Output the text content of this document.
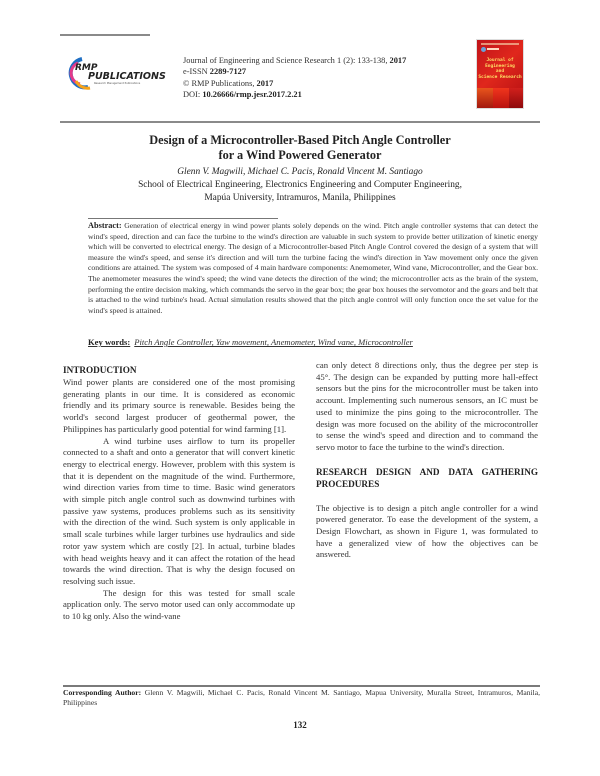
RMP
PUBLICATIONS
Research Management Publications
Journal of Engineering and Science Research 1 (2): 133-138, 2017
e-ISSN 2289-7127
© RMP Publications, 2017
DOI: 10.26666/rmp.jesr.2017.2.21
Journal of
Engineering
and
Science Research
Design of a Microcontroller-Based Pitch Angle Controller
for a Wind Powered Generator
Glenn V. Magwili, Michael C. Pacis, Ronald Vincent M. Santiago
School of Electrical Engineering, Electronics Engineering and Computer Engineering,
Mapúa University, Intramuros, Manila, Philippines
Abstract: Generation of electrical energy in wind power plants solely depends on the wind. Pitch angle controller systems that can detect the wind's speed, direction and can face the turbine to the wind's direction are valuable in such system to provide better utilization of kinetic energy which will be converted to electrical energy. The design of a Microcontroller-based Pitch Angle Control covered the design of a system that will measure the wind's speed, and sense it's direction and will turn the turbine facing the wind's direction in Yaw movement only once the given conditions are attained. The system was composed of 4 main hardware components: Anemometer, Wind vane, Microcontroller, and the Gear box. The anemometer measures the wind's speed; the wind vane detects the direction of the wind; the microcontroller acts as the brain of the system, performing the entire decision making, which commands the servo in the gear box; the gear box houses the servomotor and the gears and belt that is attached to the wind turbine's head. Actual simulation results showed that the pitch angle control will only function once the set value for the wind's speed is attained.
Key words: Pitch Angle Controller, Yaw movement, Anemometer, Wind vane, Microcontroller
INTRODUCTION

Wind power plants are considered one of the most promising generating plants in our time. It is considered as economic friendly and its primary source is renewable. Besides being the world's second largest producer of geothermal power, the Philippines has particularly good potential for wind farming [1].

A wind turbine uses airflow to turn its propeller connected to a shaft and onto a generator that will convert kinetic energy to electrical energy. However, problem with this system is that it is dependent on the magnitude of the wind. Furthermore, wind direction varies from time to time. Basic wind generators with simple pitch angle control such as downwind turbines with passive yaw systems, produces problems such as its sensitivity with the direction of the wind. Such system is only applicable in small scale turbines while larger turbines use hydraulics and side rotor yaw system which are costly [2]. In actual, turbine blades with head weights heavy and it can affect the rotation of the head towards the wind direction. That is why the design focused on resolving such issue.

The design for this was tested for small scale application only. The servo motor used can only accommodate up to 10 kg only. Also the wind-vane

can only detect 8 directions only, thus the degree per step is 45°. The design can be expanded by putting more hall-effect sensors but the pins for the microcontroller must be taken into account. Implementing such numerous sensors, an IC must be used to minimize the pins going to the microcontroller. The design was more focused on the ability of the microcontroller to sense the wind's speed and direction and to command the servo motor to face the turbine to the wind's direction.

RESEARCH DESIGN AND DATA GATHERING PROCEDURES

The objective is to design a pitch angle controller for a wind powered generator. To ease the development of the system, a Design Flowchart, as shown in Figure 1, was formulated to have a generalized view of how the objectives can be answered.

Corresponding Author: Glenn V. Magwili, Michael C. Pacis, Ronald Vincent M. Santiago, Mapua University, Muralla Street, Intramuros, Manila, Philippines
132
